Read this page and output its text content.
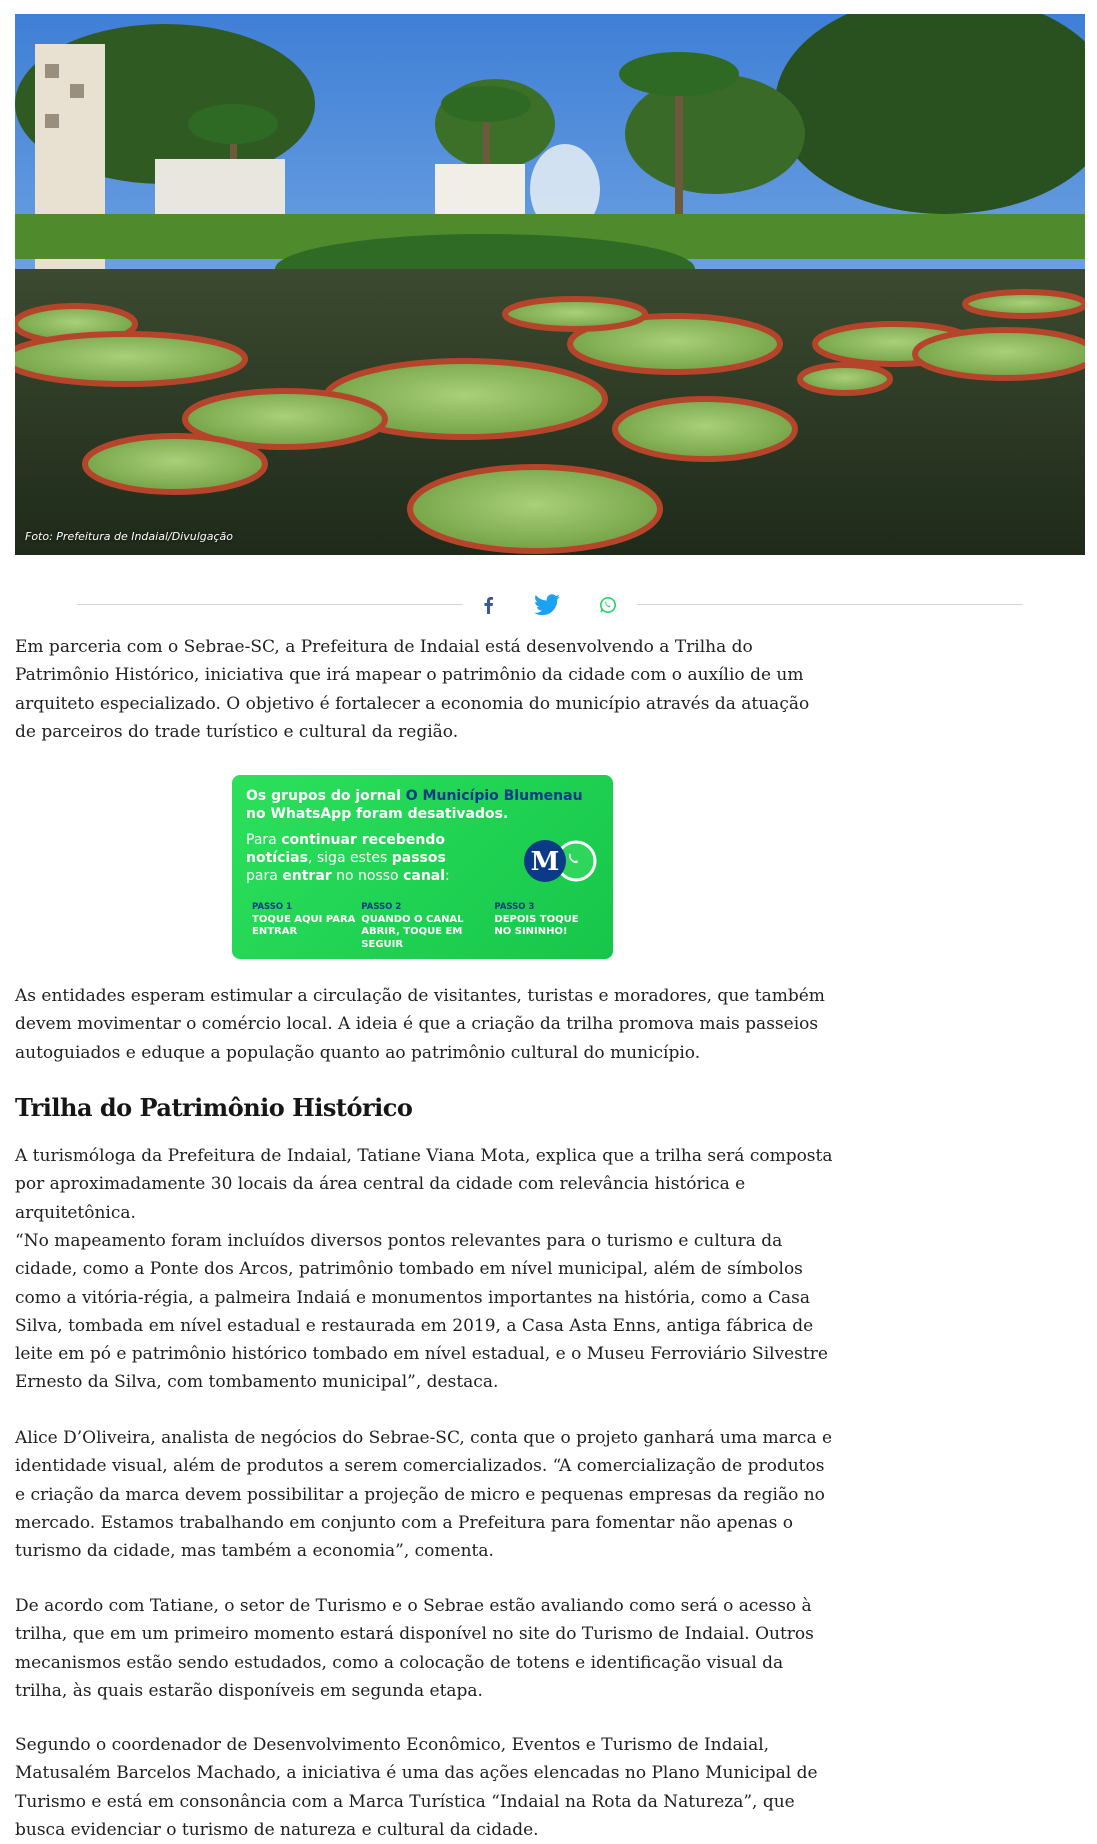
Foto: Prefeitura de Indaial/Divulgação

Em parceria com o Sebrae-SC, a Prefeitura de Indaial está desenvolvendo a Trilha do Patrimônio Histórico, iniciativa que irá mapear o patrimônio da cidade com o auxílio de um arquiteto especializado. O objetivo é fortalecer a economia do município através da atuação de parceiros do trade turístico e cultural da região.

Os grupos do jornal O Município Blumenau
no WhatsApp foram desativados.
Para continuar recebendo
notícias, siga estes passos
para entrar no nosso canal:	M
PASSO 1
TOQUE AQUI PARA ENTRAR
PASSO 2
QUANDO O CANAL ABRIR, TOQUE EM SEGUIR
PASSO 3
DEPOIS TOQUE NO SININHO!

As entidades esperam estimular a circulação de visitantes, turistas e moradores, que também devem movimentar o comércio local. A ideia é que a criação da trilha promova mais passeios autoguiados e eduque a população quanto ao patrimônio cultural do município.

Trilha do Patrimônio Histórico

A turismóloga da Prefeitura de Indaial, Tatiane Viana Mota, explica que a trilha será composta por aproximadamente 30 locais da área central da cidade com relevância histórica e arquitetônica.

“No mapeamento foram incluídos diversos pontos relevantes para o turismo e cultura da cidade, como a Ponte dos Arcos, patrimônio tombado em nível municipal, além de símbolos como a vitória-régia, a palmeira Indaiá e monumentos importantes na história, como a Casa Silva, tombada em nível estadual e restaurada em 2019, a Casa Asta Enns, antiga fábrica de leite em pó e patrimônio histórico tombado em nível estadual, e o Museu Ferroviário Silvestre Ernesto da Silva, com tombamento municipal”, destaca.

Alice D’Oliveira, analista de negócios do Sebrae-SC, conta que o projeto ganhará uma marca e identidade visual, além de produtos a serem comercializados. “A comercialização de produtos e criação da marca devem possibilitar a projeção de micro e pequenas empresas da região no mercado. Estamos trabalhando em conjunto com a Prefeitura para fomentar não apenas o turismo da cidade, mas também a economia”, comenta.

De acordo com Tatiane, o setor de Turismo e o Sebrae estão avaliando como será o acesso à trilha, que em um primeiro momento estará disponível no site do Turismo de Indaial. Outros mecanismos estão sendo estudados, como a colocação de totens e identificação visual da trilha, às quais estarão disponíveis em segunda etapa.

Segundo o coordenador de Desenvolvimento Econômico, Eventos e Turismo de Indaial, Matusalém Barcelos Machado, a iniciativa é uma das ações elencadas no Plano Municipal de Turismo e está em consonância com a Marca Turística “Indaial na Rota da Natureza”, que busca evidenciar o turismo de natureza e cultural da cidade.
